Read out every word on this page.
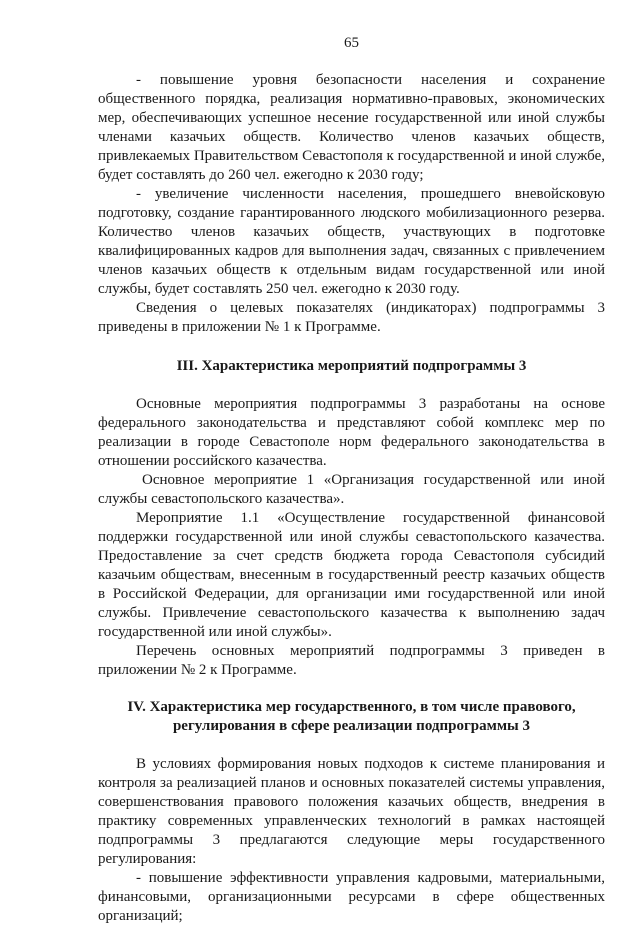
65

- повышение уровня безопасности населения и сохранение общественного порядка, реализация нормативно-правовых, экономических мер, обеспечивающих успешное несение государственной или иной службы членами казачьих обществ. Количество членов казачьих обществ, привлекаемых Правительством Севастополя к государственной и иной службе, будет составлять до 260 чел. ежегодно к 2030 году;

- увеличение численности населения, прошедшего вневойсковую подготовку, создание гарантированного людского мобилизационного резерва. Количество членов казачьих обществ, участвующих в подготовке квалифицированных кадров для выполнения задач, связанных с привлечением членов казачьих обществ к отдельным видам государственной или иной службы, будет составлять 250 чел. ежегодно к 2030 году.

Сведения о целевых показателях (индикаторах) подпрограммы 3 приведены в приложении № 1 к Программе.

III. Характеристика мероприятий подпрограммы 3

Основные мероприятия подпрограммы 3 разработаны на основе федерального законодательства и представляют собой комплекс мер по реализации в городе Севастополе норм федерального законодательства в отношении российского казачества.

Основное мероприятие 1 «Организация государственной или иной службы севастопольского казачества».

Мероприятие 1.1 «Осуществление государственной финансовой поддержки государственной или иной службы севастопольского казачества. Предоставление за счет средств бюджета города Севастополя субсидий казачьим обществам, внесенным в государственный реестр казачьих обществ в Российской Федерации, для организации ими государственной или иной службы. Привлечение севастопольского казачества к выполнению задач государственной или иной службы».

Перечень основных мероприятий подпрограммы 3 приведен в приложении № 2 к Программе.

IV. Характеристика мер государственного, в том числе правового, регулирования в сфере реализации подпрограммы 3

В условиях формирования новых подходов к системе планирования и контроля за реализацией планов и основных показателей системы управления, совершенствования правового положения казачьих обществ, внедрения в практику современных управленческих технологий в рамках настоящей подпрограммы 3 предлагаются следующие меры государственного регулирования:

- повышение эффективности управления кадровыми, материальными, финансовыми, организационными ресурсами в сфере общественных организаций;
